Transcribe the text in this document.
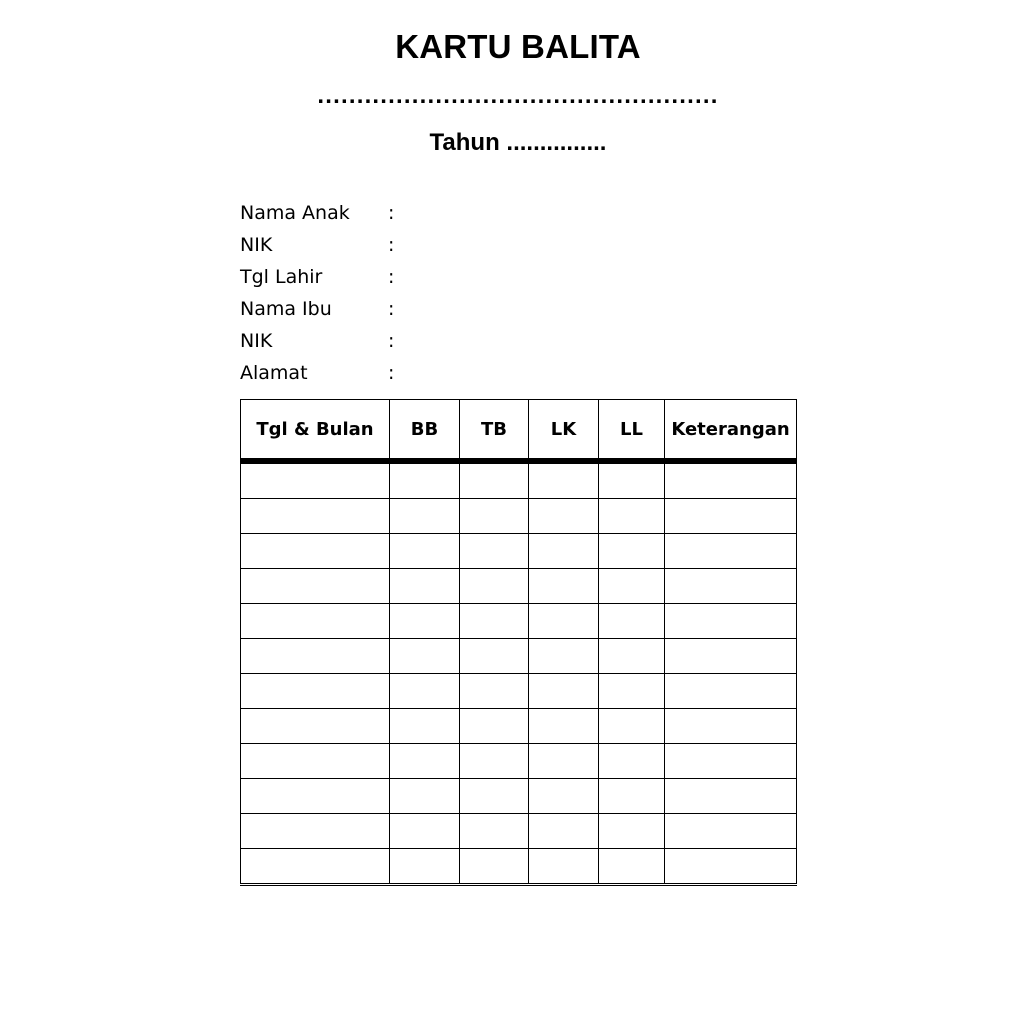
KARTU BALITA
...................................................
Tahun ...............
Nama Anak :
NIK	:
Tgl Lahir	:
Nama Ibu	:
NIK	:
Alamat	:
Tgl & Bulan	BB	TB	LK	LL	Keterangan
